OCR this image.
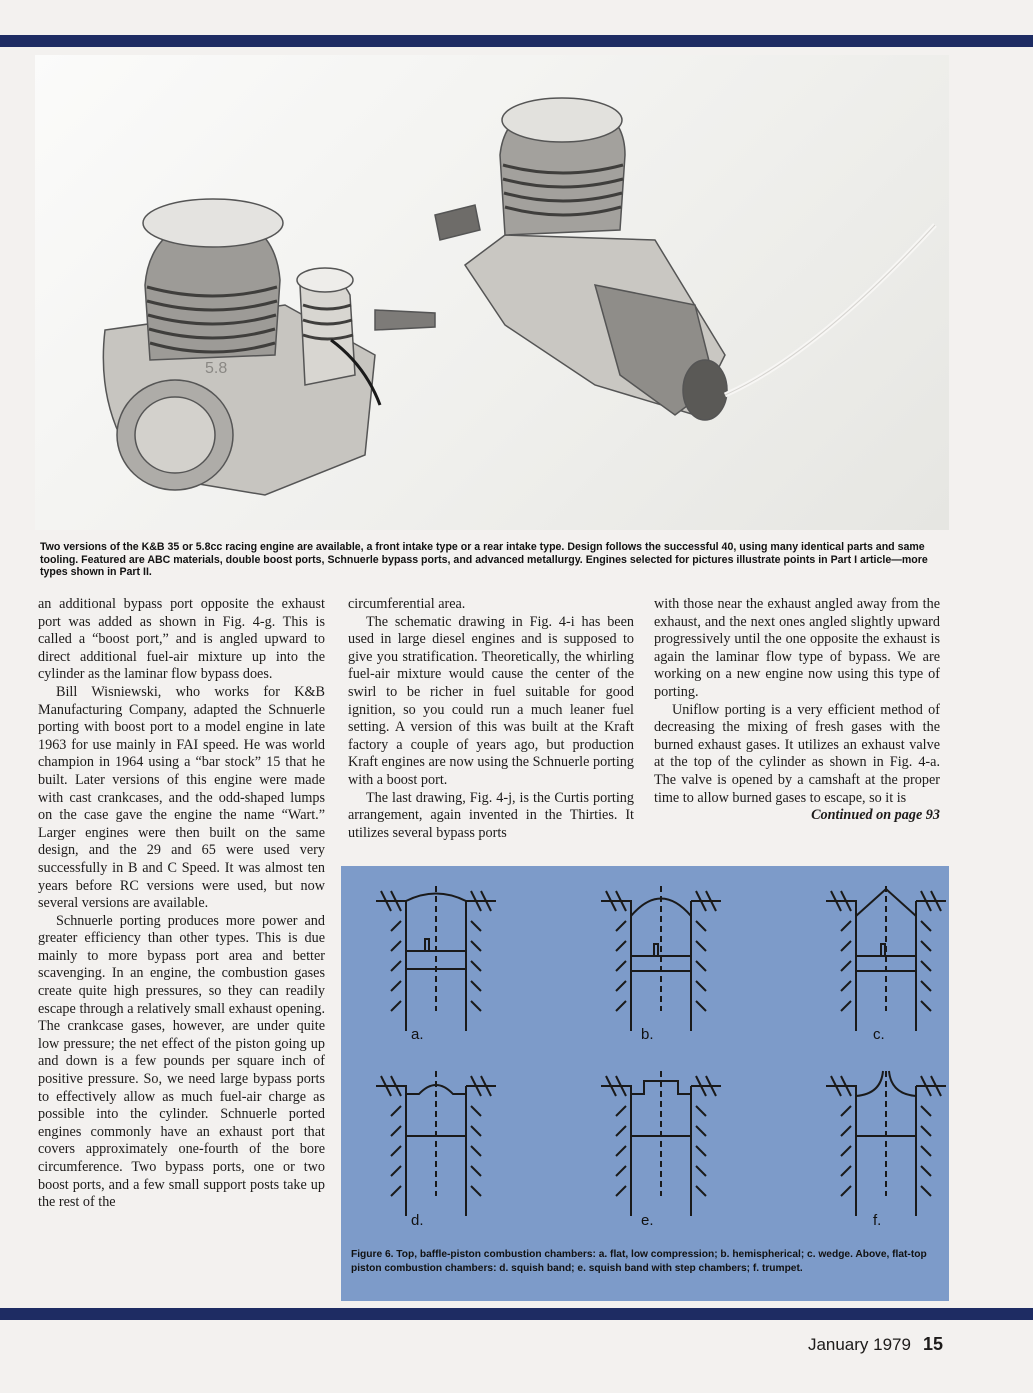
5.8
Two versions of the K&B 35 or 5.8cc racing engine are available, a front intake type or a rear intake type. Design follows the successful 40, using many identical parts and same tooling. Featured are ABC materials, double boost ports, Schnuerle bypass ports, and advanced metallurgy. Engines selected for pictures illustrate points in Part I article—more types shown in Part II.

an additional bypass port opposite the exhaust port was added as shown in Fig. 4-g. This is called a “boost port,” and is angled upward to direct additional fuel-air mixture up into the cylinder as the laminar flow bypass does.

Bill Wisniewski, who works for K&B Manufacturing Company, adapted the Schnuerle porting with boost port to a model engine in late 1963 for use mainly in FAI speed. He was world champion in 1964 using a “bar stock” 15 that he built. Later versions of this engine were made with cast crankcases, and the odd-shaped lumps on the case gave the engine the name “Wart.” Larger engines were then built on the same design, and the 29 and 65 were used very successfully in B and C Speed. It was almost ten years before RC versions were used, but now several versions are available.

Schnuerle porting produces more power and greater efficiency than other types. This is due mainly to more bypass port area and better scavenging. In an engine, the combustion gases create quite high pressures, so they can readily escape through a relatively small exhaust opening. The crankcase gases, however, are under quite low pressure; the net effect of the piston going up and down is a few pounds per square inch of positive pressure. So, we need large bypass ports to effectively allow as much fuel-air charge as possible into the cylinder. Schnuerle ported engines commonly have an exhaust port that covers approximately one-fourth of the bore circumference. Two bypass ports, one or two boost ports, and a few small support posts take up the rest of the

circumferential area.

The schematic drawing in Fig. 4-i has been used in large diesel engines and is supposed to give you stratification. Theoretically, the whirling fuel-air mixture would cause the center of the swirl to be richer in fuel suitable for good ignition, so you could run a much leaner fuel setting. A version of this was built at the Kraft factory a couple of years ago, but production Kraft engines are now using the Schnuerle porting with a boost port.

The last drawing, Fig. 4-j, is the Curtis porting arrangement, again invented in the Thirties. It utilizes several bypass ports

with those near the exhaust angled away from the exhaust, and the next ones angled slightly upward progressively until the one opposite the exhaust is again the laminar flow type of bypass. We are working on a new engine now using this type of porting.

Uniflow porting is a very efficient method of decreasing the mixing of fresh gases with the burned exhaust gases. It utilizes an exhaust valve at the top of the cylinder as shown in Fig. 4-a. The valve is opened by a camshaft at the proper time to allow burned gases to escape, so it is

Continued on page 93

a.	b.	c.
d.	e.	f.
Figure 6. Top, baffle-piston combustion chambers: a. flat, low compression; b. hemispherical; c. wedge. Above, flat-top piston combustion chambers: d. squish band; e. squish band with step chambers; f. trumpet.
January 1979 15
